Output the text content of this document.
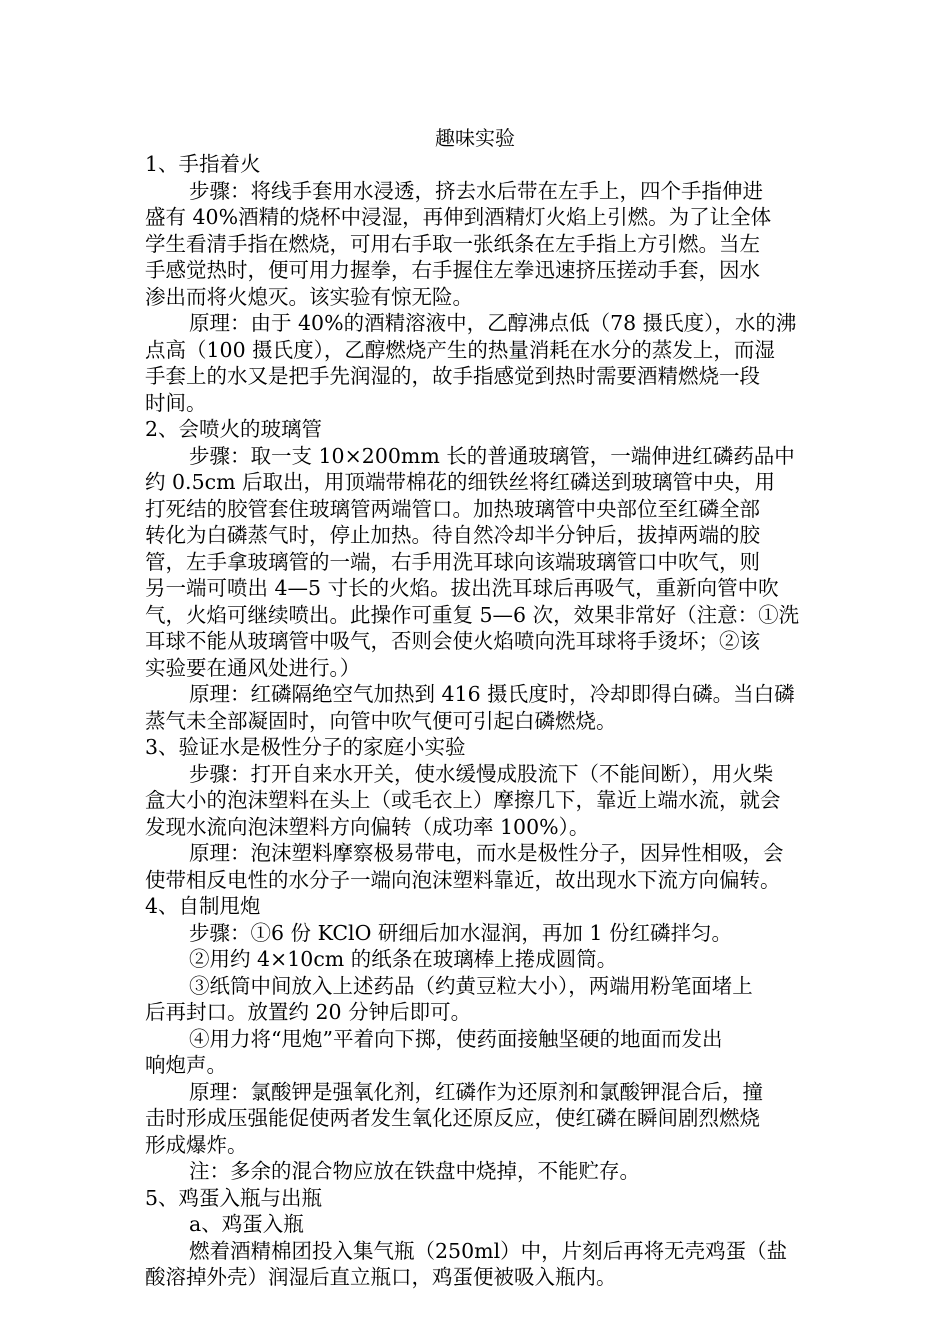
趣味实验
1、手指着火
步骤：将线手套用水浸透，挤去水后带在左手上，四个手指伸进
盛有 40%酒精的烧杯中浸湿，再伸到酒精灯火焰上引燃。为了让全体
学生看清手指在燃烧，可用右手取一张纸条在左手指上方引燃。当左
手感觉热时，便可用力握拳，右手握住左拳迅速挤压搓动手套，因水
渗出而将火熄灭。该实验有惊无险。
原理：由于 40%的酒精溶液中，乙醇沸点低（78 摄氏度），水的沸
点高（100 摄氏度），乙醇燃烧产生的热量消耗在水分的蒸发上，而湿
手套上的水又是把手先润湿的，故手指感觉到热时需要酒精燃烧一段
时间。
2、会喷火的玻璃管
步骤：取一支 10×200mm 长的普通玻璃管，一端伸进红磷药品中
约 0.5cm 后取出，用顶端带棉花的细铁丝将红磷送到玻璃管中央，用
打死结的胶管套住玻璃管两端管口。加热玻璃管中央部位至红磷全部
转化为白磷蒸气时，停止加热。待自然冷却半分钟后，拔掉两端的胶
管，左手拿玻璃管的一端，右手用洗耳球向该端玻璃管口中吹气，则
另一端可喷出 4—5 寸长的火焰。拔出洗耳球后再吸气，重新向管中吹
气，火焰可继续喷出。此操作可重复 5—6 次，效果非常好（注意：①洗
耳球不能从玻璃管中吸气，否则会使火焰喷向洗耳球将手烫坏；②该
实验要在通风处进行。）
原理：红磷隔绝空气加热到 416 摄氏度时，冷却即得白磷。当白磷
蒸气未全部凝固时，向管中吹气便可引起白磷燃烧。
3、验证水是极性分子的家庭小实验
步骤：打开自来水开关，使水缓慢成股流下（不能间断），用火柴
盒大小的泡沫塑料在头上（或毛衣上）摩擦几下，靠近上端水流，就会
发现水流向泡沫塑料方向偏转（成功率 100%）。
原理：泡沫塑料摩察极易带电，而水是极性分子，因异性相吸，会
使带相反电性的水分子一端向泡沫塑料靠近，故出现水下流方向偏转。
4、自制甩炮
步骤：①6 份 KClO 研细后加水湿润，再加 1 份红磷拌匀。
②用约 4×10cm 的纸条在玻璃棒上捲成圆筒。
③纸筒中间放入上述药品（约黄豆粒大小），两端用粉笔面堵上
后再封口。放置约 20 分钟后即可。
④用力将“甩炮”平着向下掷，使药面接触坚硬的地面而发出
响炮声。
原理：氯酸钾是强氧化剂，红磷作为还原剂和氯酸钾混合后，撞
击时形成压强能促使两者发生氧化还原反应，使红磷在瞬间剧烈燃烧
形成爆炸。
注：多余的混合物应放在铁盘中烧掉，不能贮存。
5、鸡蛋入瓶与出瓶
a、鸡蛋入瓶
燃着酒精棉团投入集气瓶（250ml）中，片刻后再将无壳鸡蛋（盐
酸溶掉外壳）润湿后直立瓶口，鸡蛋便被吸入瓶内。
